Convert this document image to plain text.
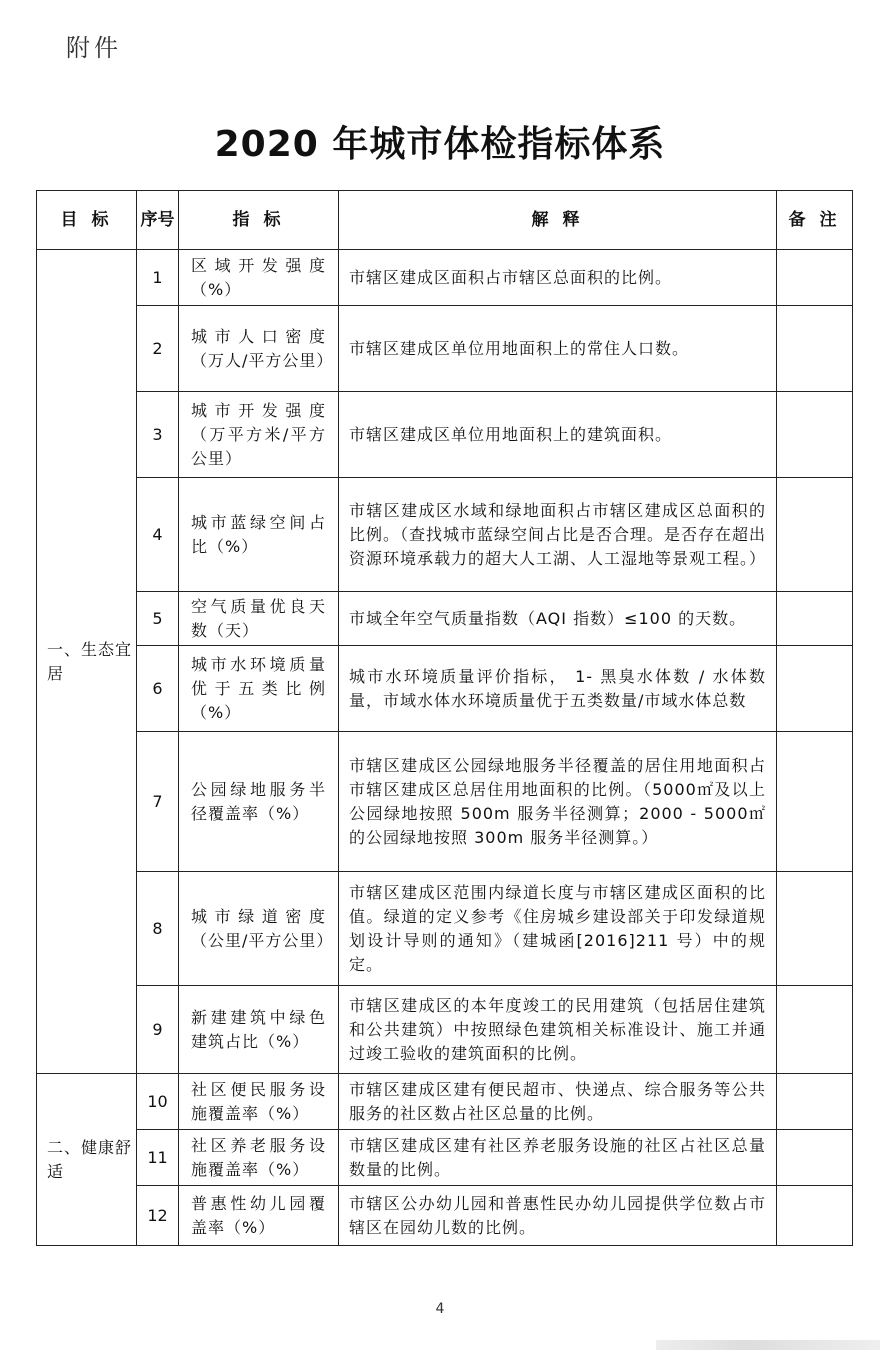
附件
2020 年城市体检指标体系
目 标	序号	指 标	解 释	备 注
一、生态宜居	1	区域开发强度（%）	市辖区建成区面积占市辖区总面积的比例。	
	2	城市人口密度（万人/平方公里）	市辖区建成区单位用地面积上的常住人口数。	
	3	城市开发强度（万平方米/平方公里）	市辖区建成区单位用地面积上的建筑面积。	
	4	城市蓝绿空间占比（%）	市辖区建成区水域和绿地面积占市辖区建成区总面积的比例。（查找城市蓝绿空间占比是否合理。是否存在超出资源环境承载力的超大人工湖、人工湿地等景观工程。）	
	5	空气质量优良天数（天）	市域全年空气质量指数（AQI 指数）≤100 的天数。	
	6	城市水环境质量优于五类比例（%）	城市水环境质量评价指标， 1- 黑臭水体数 / 水体数量，市域水体水环境质量优于五类数量/市域水体总数	
	7	公园绿地服务半径覆盖率（%）	市辖区建成区公园绿地服务半径覆盖的居住用地面积占市辖区建成区总居住用地面积的比例。（5000㎡及以上公园绿地按照 500m 服务半径测算；2000 - 5000㎡ 的公园绿地按照 300m 服务半径测算。）	
	8	城市绿道密度（公里/平方公里）	市辖区建成区范围内绿道长度与市辖区建成区面积的比值。绿道的定义参考《住房城乡建设部关于印发绿道规划设计导则的通知》（建城函[2016]211 号）中的规定。	
	9	新建建筑中绿色建筑占比（%）	市辖区建成区的本年度竣工的民用建筑（包括居住建筑和公共建筑）中按照绿色建筑相关标准设计、施工并通过竣工验收的建筑面积的比例。	
二、健康舒适	10	社区便民服务设施覆盖率（%）	市辖区建成区建有便民超市、快递点、综合服务等公共服务的社区数占社区总量的比例。	
	11	社区养老服务设施覆盖率（%）	市辖区建成区建有社区养老服务设施的社区占社区总量数量的比例。	
	12	普惠性幼儿园覆盖率（%）	市辖区公办幼儿园和普惠性民办幼儿园提供学位数占市辖区在园幼儿数的比例。	
4
